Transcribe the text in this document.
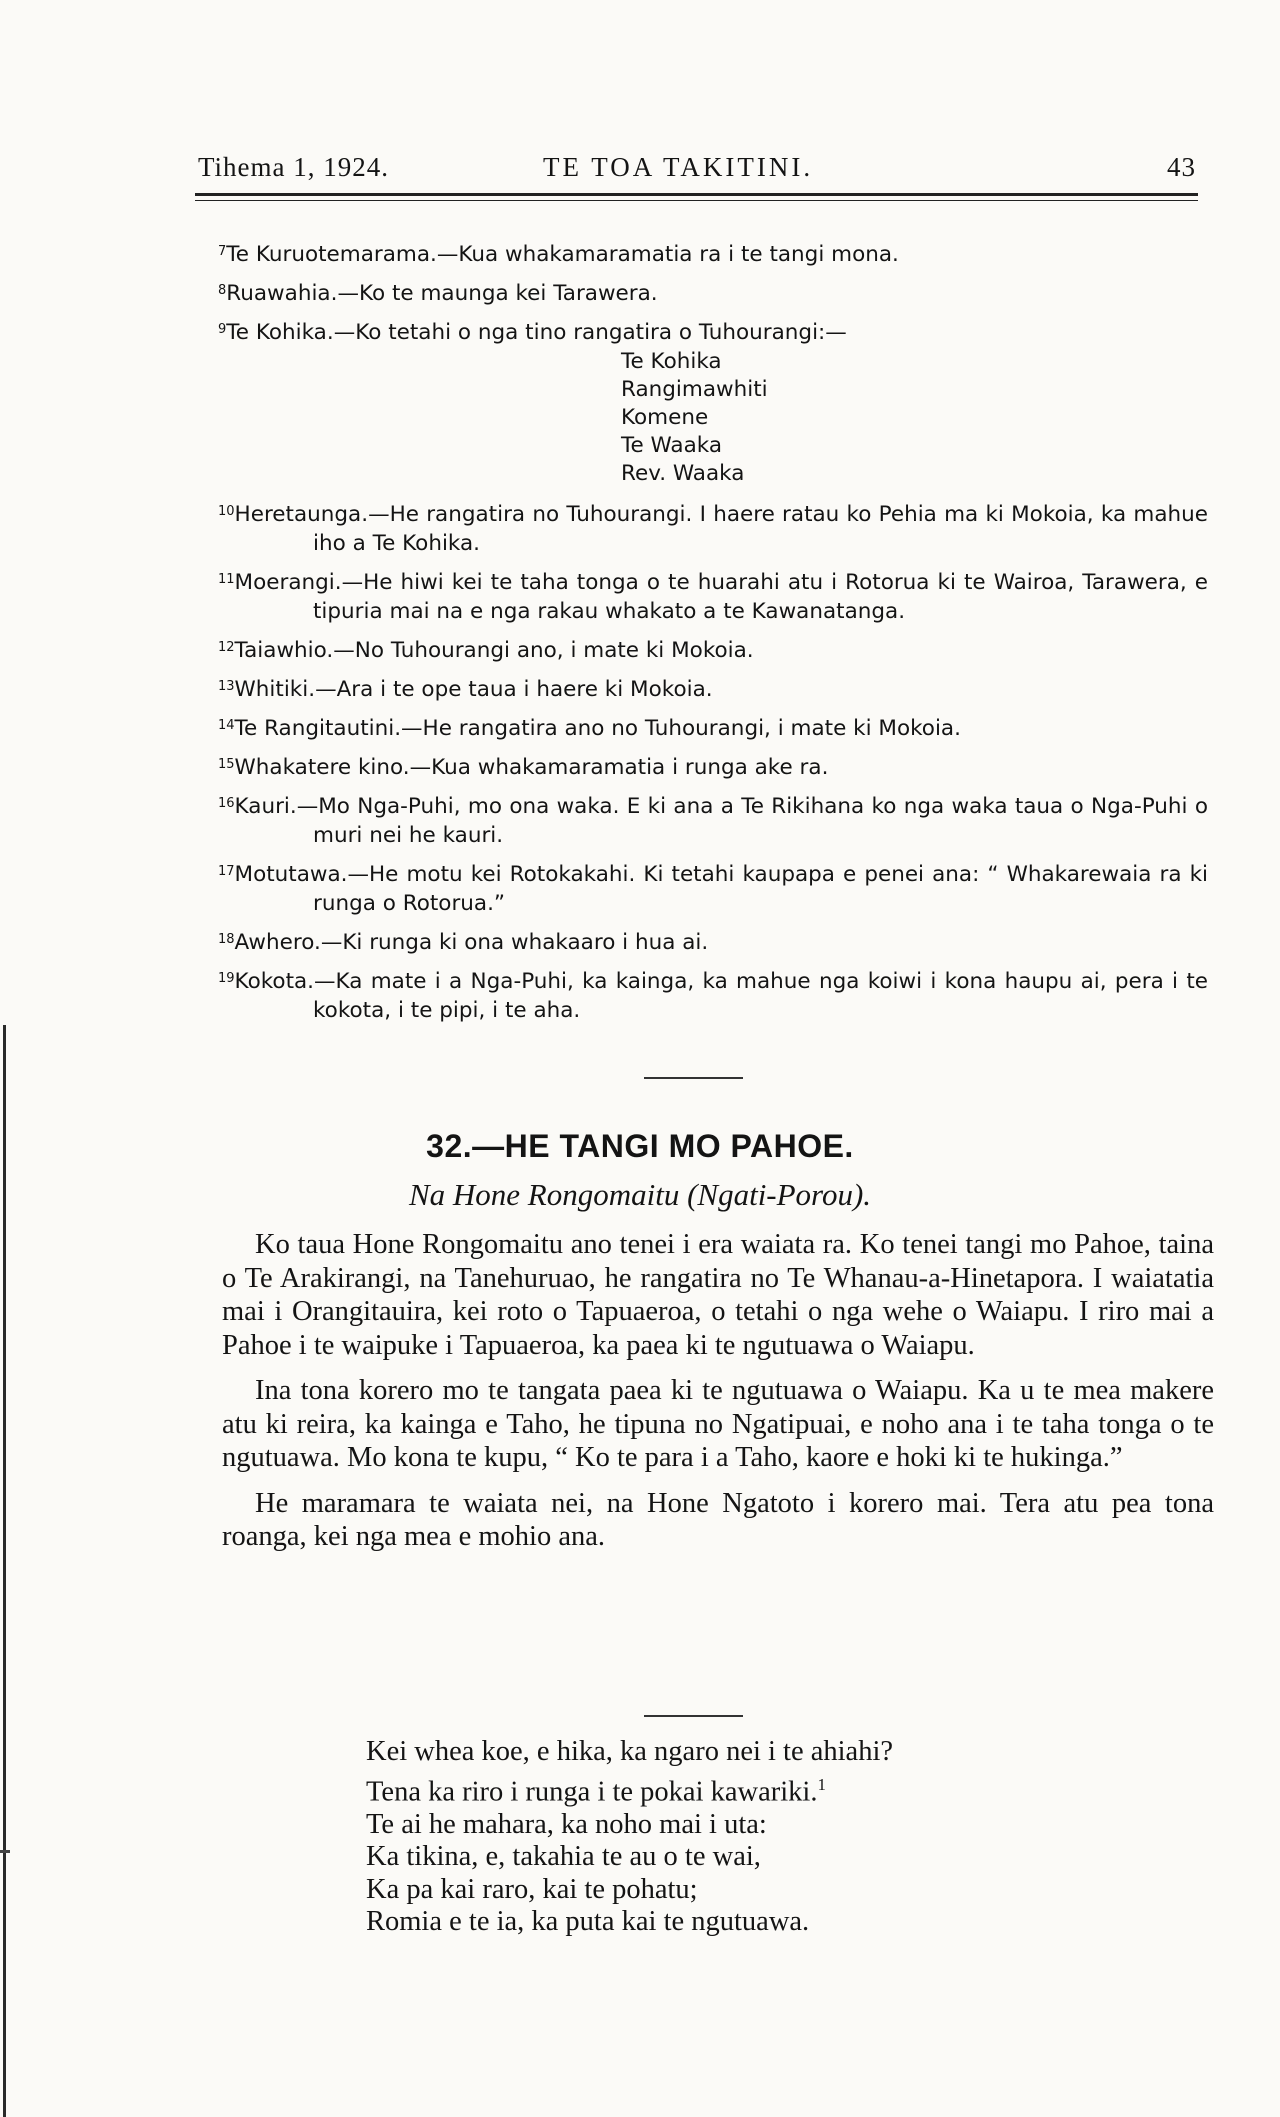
Tihema 1, 1924.	TE TOA TAKITINI.	43

$^7$Te Kuruotemarama.—Kua whakamaramatia ra i te tangi mona.

$^8$Ruawahia.—Ko te maunga kei Tarawera.

$^9$Te Kohika.—Ko tetahi o nga tino rangatira o Tuhourangi:—

Te Kohika
Rangimawhiti
Komene
Te Waaka
Rev. Waaka

$^{10}$Heretaunga.—He rangatira no Tuhourangi. I haere ratau ko Pehia ma ki Mokoia, ka mahue iho a Te Kohika.

$^{11}$Moerangi.—He hiwi kei te taha tonga o te huarahi atu i Rotorua ki te Wairoa, Tarawera, e tipuria mai na e nga rakau whakato a te Kawanatanga.

$^{12}$Taiawhio.—No Tuhourangi ano, i mate ki Mokoia.

$^{13}$Whitiki.—Ara i te ope taua i haere ki Mokoia.

$^{14}$Te Rangitautini.—He rangatira ano no Tuhourangi, i mate ki Mokoia.

$^{15}$Whakatere kino.—Kua whakamaramatia i runga ake ra.

$^{16}$Kauri.—Mo Nga-Puhi, mo ona waka. E ki ana a Te Rikihana ko nga waka taua o Nga-Puhi o muri nei he kauri.

$^{17}$Motutawa.—He motu kei Rotokakahi. Ki tetahi kaupapa e penei ana: “ Whakarewaia ra ki runga o Rotorua.”

$^{18}$Awhero.—Ki runga ki ona whakaaro i hua ai.

$^{19}$Kokota.—Ka mate i a Nga-Puhi, ka kainga, ka mahue nga koiwi i kona haupu ai, pera i te kokota, i te pipi, i te aha.

32.—HE TANGI MO PAHOE.
Na Hone Rongomaitu (Ngati-Porou).

Ko taua Hone Rongomaitu ano tenei i era waiata ra. Ko tenei tangi mo Pahoe, taina o Te Arakirangi, na Tanehuruao, he rangatira no Te Whanau-a-Hinetapora. I waiatatia mai i Orangitauira, kei roto o Tapuaeroa, o tetahi o nga wehe o Waiapu. I riro mai a Pahoe i te waipuke i Tapuaeroa, ka paea ki te ngutuawa o Waiapu.

Ina tona korero mo te tangata paea ki te ngutuawa o Waiapu. Ka u te mea makere atu ki reira, ka kainga e Taho, he tipuna no Ngatipuai, e noho ana i te taha tonga o te ngutuawa. Mo kona te kupu, “ Ko te para i a Taho, kaore e hoki ki te hukinga.”

He maramara te waiata nei, na Hone Ngatoto i korero mai. Tera atu pea tona roanga, kei nga mea e mohio ana.

Kei whea koe, e hika, ka ngaro nei i te ahiahi?
Tena ka riro i runga i te pokai kawariki.$^1$
Te ai he mahara, ka noho mai i uta:
Ka tikina, e, takahia te au o te wai,
Ka pa kai raro, kai te pohatu;
Romia e te ia, ka puta kai te ngutuawa.
